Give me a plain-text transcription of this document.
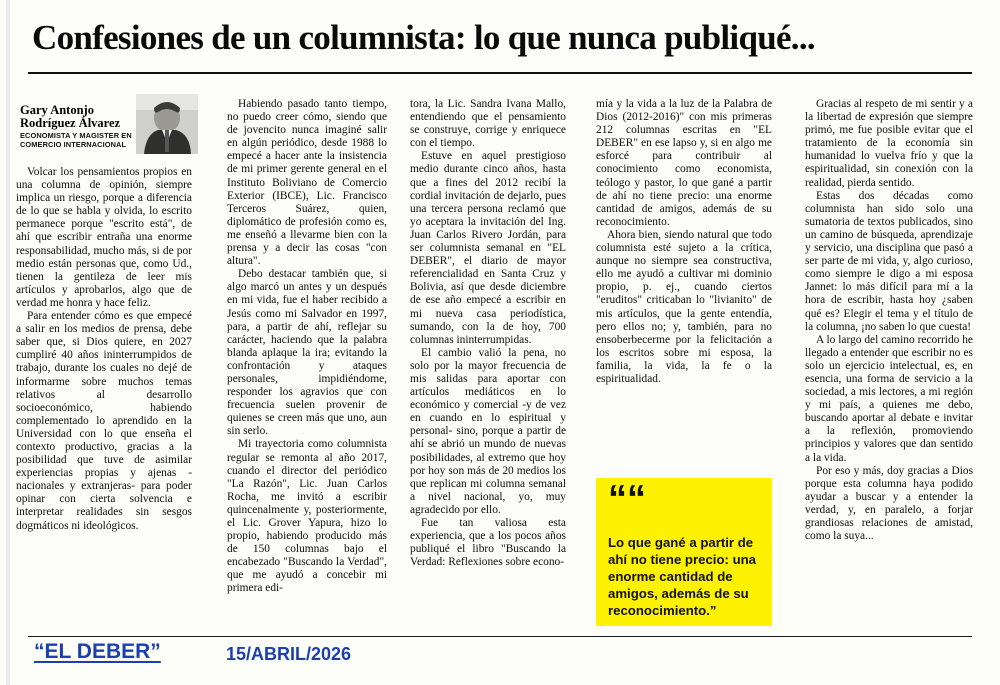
Confesiones de un columnista: lo que nunca publiqué...
Gary Antonjo Rodríguez Álvarez
ECONOMISTA Y MAGISTER EN COMERCIO INTERNACIONAL

Volcar los pensamientos propios en una columna de opinión, siempre implica un riesgo, porque a diferencia de lo que se habla y olvida, lo escrito permanece porque "escrito está", de ahí que escribir entraña una enorme responsabilidad, mucho más, si de por medio están personas que, como Ud., tienen la gentileza de leer mis artículos y aprobarlos, algo que de verdad me honra y hace feliz.

Para entender cómo es que empecé a salir en los medios de prensa, debe saber que, si Dios quiere, en 2027 cumpliré 40 años ininterrumpidos de trabajo, durante los cuales no dejé de informarme sobre muchos temas relativos al desarrollo socioeconómico, habiendo complementado lo aprendido en la Universidad con lo que enseña el contexto productivo, gracias a la posibilidad que tuve de asimilar experiencias propias y ajenas -nacionales y extranjeras- para poder opinar con cierta solvencia e interpretar realidades sin sesgos dogmáticos ni ideológicos.

Habiendo pasado tanto tiempo, no puedo creer cómo, siendo que de jovencito nunca imaginé salir en algún periódico, desde 1988 lo empecé a hacer ante la insistencia de mi primer gerente general en el Instituto Boliviano de Comercio Exterior (IBCE), Lic. Francisco Terceros Suárez, quien, diplomático de profesión como es, me enseñó a llevarme bien con la prensa y a decir las cosas "con altura".

Debo destacar también que, si algo marcó un antes y un después en mi vida, fue el haber recibido a Jesús como mi Salvador en 1997, para, a partir de ahí, reflejar su carácter, haciendo que la palabra blanda aplaque la ira; evitando la confrontación y ataques personales, impidiéndome, responder los agravios que con frecuencia suelen provenir de quienes se creen más que uno, aun sin serlo.

Mi trayectoria como columnista regular se remonta al año 2017, cuando el director del periódico "La Razón", Lic. Juan Carlos Rocha, me invitó a escribir quincenalmente y, posteriormente, el Lic. Grover Yapura, hizo lo propio, habiendo producido más de 150 columnas bajo el encabezado "Buscando la Verdad", que me ayudó a concebir mi primera edi-

tora, la Lic. Sandra Ivana Mallo, entendiendo que el pensamiento se construye, corrige y enriquece con el tiempo.

Estuve en aquel prestigioso medio durante cinco años, hasta que a fines del 2012 recibí la cordial invitación de dejarlo, pues una tercera persona reclamó que yo aceptara la invitación del Ing. Juan Carlos Rivero Jordán, para ser columnista semanal en "EL DEBER", el diario de mayor referencialidad en Santa Cruz y Bolivia, así que desde diciembre de ese año empecé a escribir en mi nueva casa periodística, sumando, con la de hoy, 700 columnas ininterrumpidas.

El cambio valió la pena, no solo por la mayor frecuencia de mis salidas para aportar con artículos mediáticos en lo económico y comercial -y de vez en cuando en lo espiritual y personal- sino, porque a partir de ahí se abrió un mundo de nuevas posibilidades, al extremo que hoy por hoy son más de 20 medios los que replican mi columna semanal a nivel nacional, yo, muy agradecido por ello.

Fue tan valiosa esta experiencia, que a los pocos años publiqué el libro "Buscando la Verdad: Reflexiones sobre econo-

mía y la vida a la luz de la Palabra de Dios (2012-2016)" con mis primeras 212 columnas escritas en "EL DEBER" en ese lapso y, si en algo me esforcé para contribuir al conocimiento como economista, teólogo y pastor, lo que gané a partir de ahí no tiene precio: una enorme cantidad de amigos, además de su reconocimiento.

Ahora bien, siendo natural que todo columnista esté sujeto a la crítica, aunque no siempre sea constructiva, ello me ayudó a cultivar mi dominio propio, p. ej., cuando ciertos "eruditos" criticaban lo "livianito" de mis artículos, que la gente entendía, pero ellos no; y, también, para no ensoberbecerme por la felicitación a los escritos sobre mi esposa, la familia, la vida, la fe o la espiritualidad.

Gracias al respeto de mi sentir y a la libertad de expresión que siempre primó, me fue posible evitar que el tratamiento de la economía sin humanidad lo vuelva frío y que la espiritualidad, sin conexión con la realidad, pierda sentido.

Estas dos décadas como columnista han sido solo una sumatoria de textos publicados, sino un camino de búsqueda, aprendizaje y servicio, una disciplina que pasó a ser parte de mi vida, y, algo curioso, como siempre le digo a mi esposa Jannet: lo más difícil para mí a la hora de escribir, hasta hoy ¿saben qué es? Elegir el tema y el título de la columna, ¡no saben lo que cuesta!

A lo largo del camino recorrido he llegado a entender que escribir no es solo un ejercicio intelectual, es, en esencia, una forma de servicio a la sociedad, a mis lectores, a mi región y mi país, a quienes me debo, buscando aportar al debate e invitar a la reflexión, promoviendo principios y valores que dan sentido a la vida.

Por eso y más, doy gracias a Dios porque esta columna haya podido ayudar a buscar y a entender la verdad, y, en paralelo, a forjar grandiosas relaciones de amistad, como la suya...

““
Lo que gané a partir de ahí no tiene precio: una enorme cantidad de amigos, además de su reconocimiento.”
“EL DEBER”	15/ABRIL/2026
